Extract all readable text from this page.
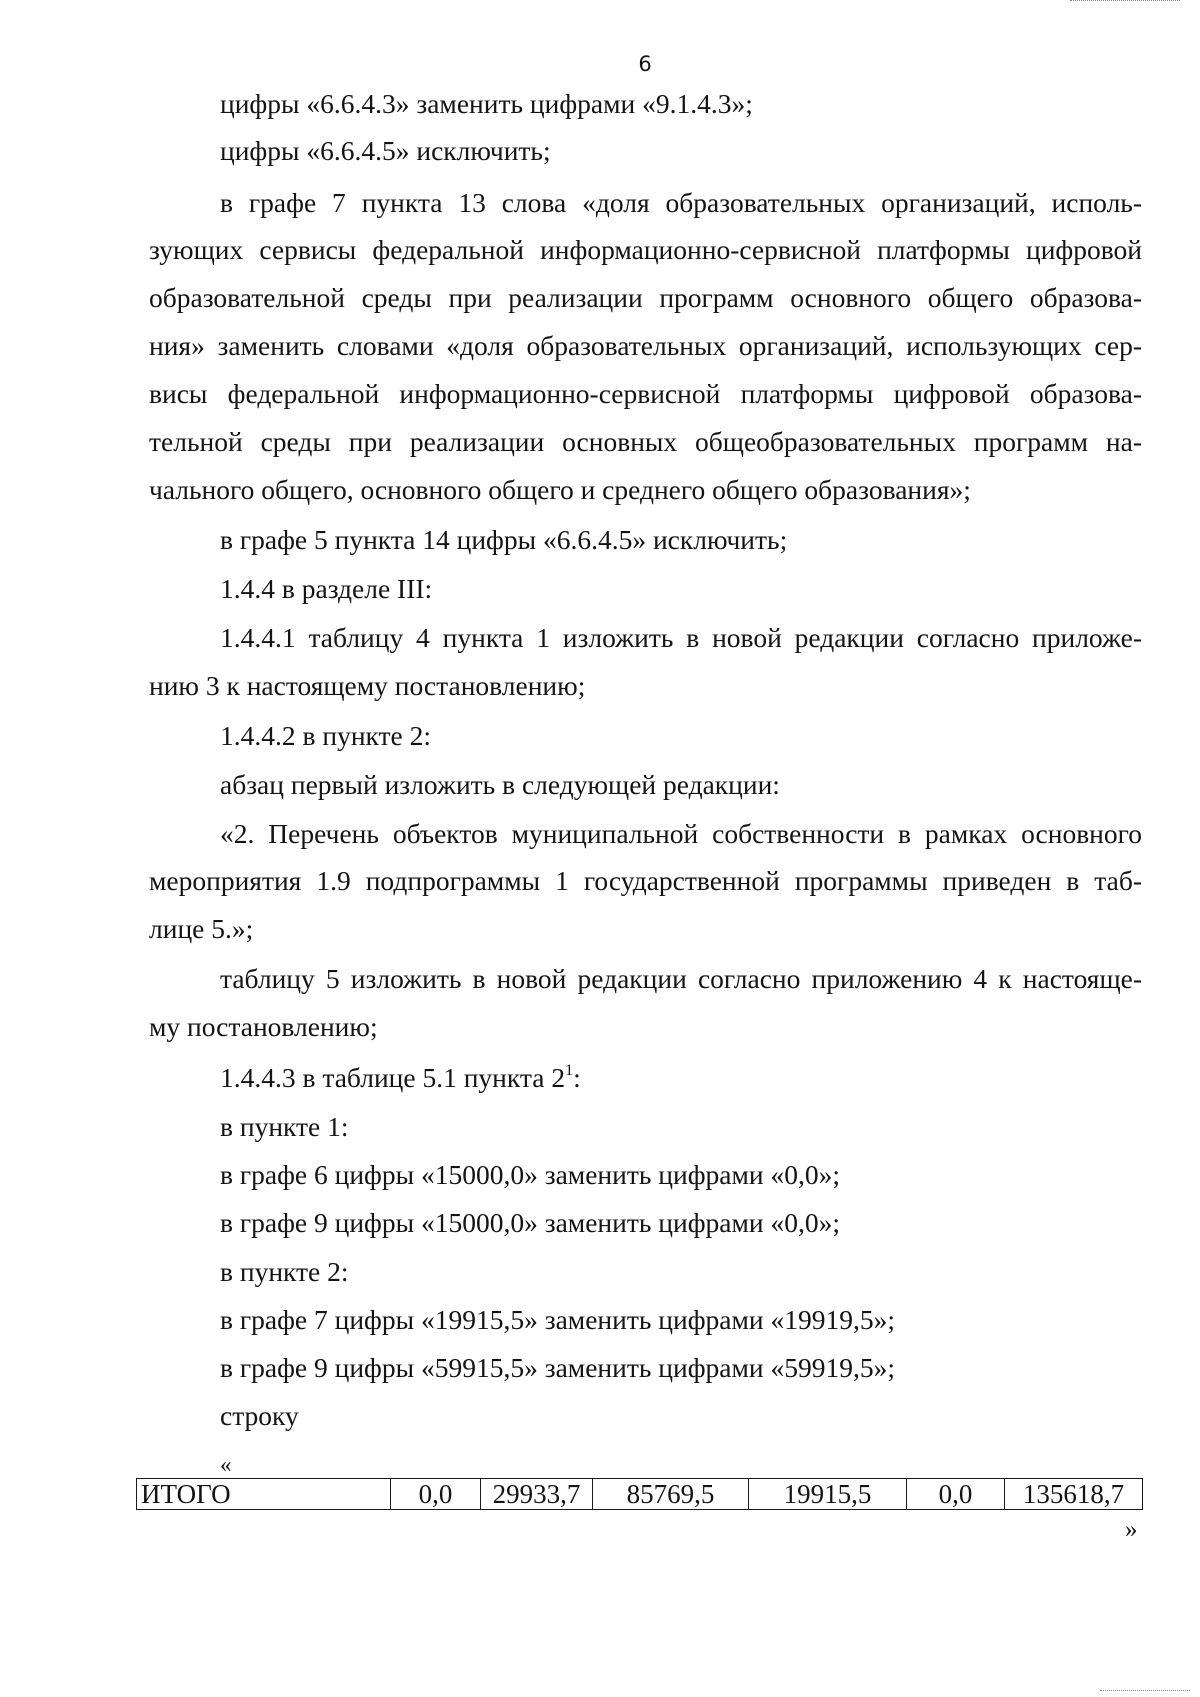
6
цифры «6.6.4.3» заменить цифрами «9.1.4.3»;
цифры «6.6.4.5» исключить;
в графе 7 пункта 13 слова «доля образовательных организаций, исполь-
зующих сервисы федеральной информационно-сервисной платформы цифровой
образовательной среды при реализации программ основного общего образова-
ния» заменить словами «доля образовательных организаций, использующих сер-
висы федеральной информационно-сервисной платформы цифровой образова-
тельной среды при реализации основных общеобразовательных программ на-
чального общего, основного общего и среднего общего образования»;
в графе 5 пункта 14 цифры «6.6.4.5» исключить;
1.4.4 в разделе III:
1.4.4.1 таблицу 4 пункта 1 изложить в новой редакции согласно приложе-
нию 3 к настоящему постановлению;
1.4.4.2 в пункте 2:
абзац первый изложить в следующей редакции:
«2. Перечень объектов муниципальной собственности в рамках основного
мероприятия 1.9 подпрограммы 1 государственной программы приведен в таб-
лице 5.»;
таблицу 5 изложить в новой редакции согласно приложению 4 к настояще-
му постановлению;
1.4.4.3 в таблице 5.1 пункта $2^1$:
в пункте 1:
в графе 6 цифры «15000,0» заменить цифрами «0,0»;
в графе 9 цифры «15000,0» заменить цифрами «0,0»;
в пункте 2:
в графе 7 цифры «19915,5» заменить цифрами «19919,5»;
в графе 9 цифры «59915,5» заменить цифрами «59919,5»;
строку
«
ИТОГО	0,0	29933,7	85769,5	19915,5	0,0	135618,7
»
